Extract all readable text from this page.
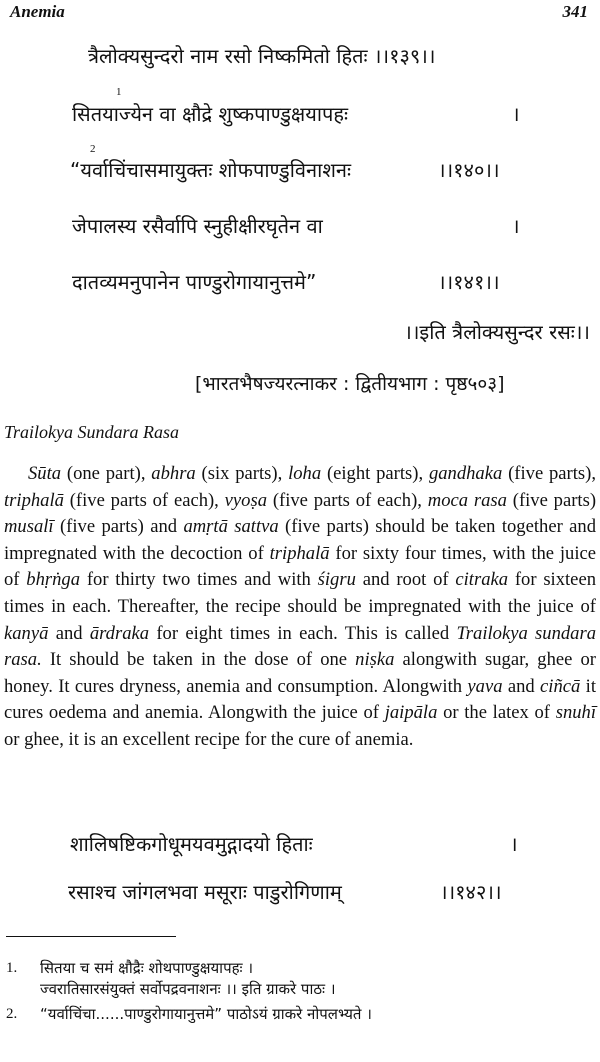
Anemia	341
त्रैलोक्यसुन्दरो नाम रसो निष्कमितो हितः ।।१३९।।
1
सितयाज्येन वा क्षौद्रे शुष्कपाण्डुक्षयापहः	।
2
“यर्वाचिंचासमायुक्तः शोफपाण्डुविनाशनः	।।१४०।।
जेपालस्य रसैर्वापि स्नुहीक्षीरघृतेन वा	।
दातव्यमनुपानेन पाण्डुरोगायानुत्तमे”	।।१४१।।
।।इति त्रैलोक्यसुन्दर रसः।।
[भारतभैषज्यरत्नाकर : द्वितीयभाग : पृष्ठ५०३]
Trailokya Sundara Rasa

Sūta (one part), abhra (six parts), loha (eight parts), gandhaka (five parts), triphalā (five parts of each), vyoṣa (five parts of each), moca rasa (five parts) musalī (five parts) and amṛtā sattva (five parts) should be taken together and impregnated with the decoction of triphalā for sixty four times, with the juice of bhṛṅga for thirty two times and with śigru and root of citraka for sixteen times in each. Thereafter, the recipe should be impregnated with the juice of kanyā and ārdraka for eight times in each. This is called Trailokya sundara rasa. It should be taken in the dose of one niṣka alongwith sugar, ghee or honey. It cures dryness, anemia and consumption. Alongwith yava and ciñcā it cures oedema and anemia. Alongwith the juice of jaipāla or the latex of snuhī or ghee, it is an excellent recipe for the cure of anemia.

शालिषष्टिकगोधूमयवमुद्गादयो हिताः	।
रसाश्च जांगलभवा मसूराः पाडुरोगिणाम्	।।१४२।।
1. सितया च समं क्षौद्रैः शोथपाण्डुक्षयापहः ।
ज्वरातिसारसंयुक्तं सर्वोपद्रवनाशनः ।। इति ग्राकरे पाठः ।
2. “यर्वाचिंचा......पाण्डुरोगायानुत्तमे” पाठोऽयं ग्राकरे नोपलभ्यते ।
